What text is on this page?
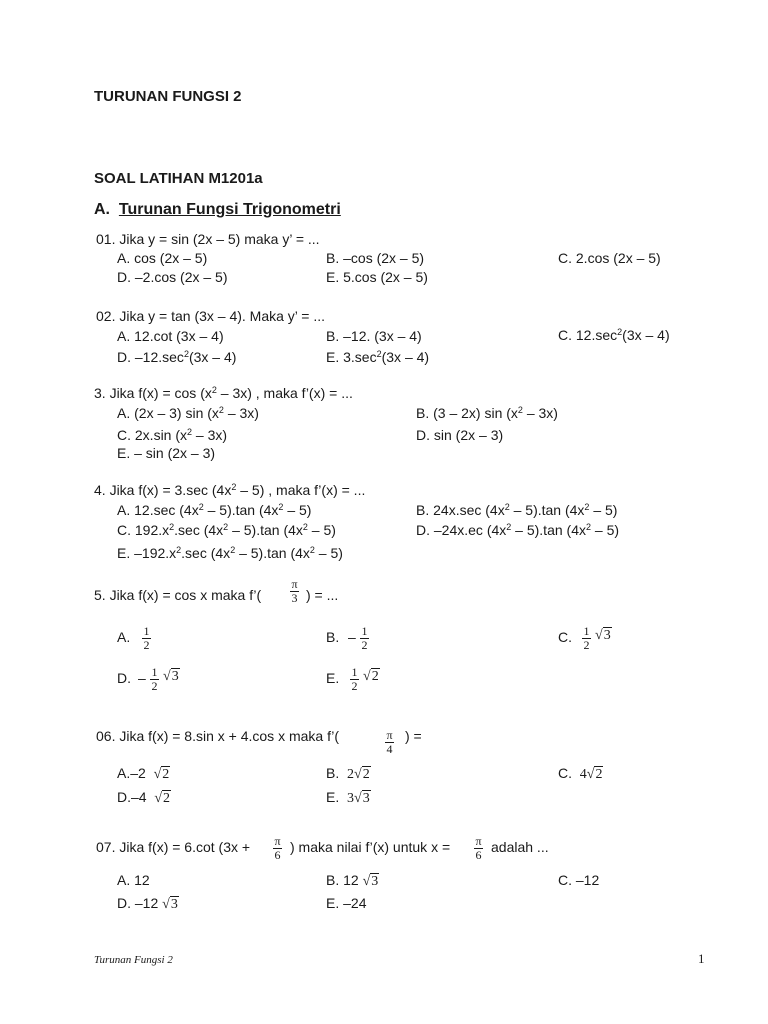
TURUNAN FUNGSI 2
SOAL LATIHAN M1201a
A. Turunan Fungsi Trigonometri
01. Jika y = sin (2x – 5) maka y’ = ...
A. cos (2x – 5)	B. –cos (2x – 5)	C. 2.cos (2x – 5)
D. –2.cos (2x – 5)	E. 5.cos (2x – 5)
02. Jika y = tan (3x – 4). Maka y’ = ...
A. 12.cot (3x – 4)	B. –12. (3x – 4)	C. $12.\sec^2(3x - 4)$
D. $-12.\sec^2(3x - 4)$	E. $3.\sec^2(3x - 4)$
3. Jika $f(x) = \cos (x^2 - 3x)$ , maka f’(x) = ...
A. (2x – 3) $\sin (x^2 - 3x)$	B. (3 – 2x) $\sin (x^2 - 3x)$
C. 2x.sin $(x^2 - 3x)$	D. sin (2x – 3)
E. – sin (2x – 3)
4. Jika f(x) = 3.sec $(4x^2 - 5)$ , maka f’(x) = ...
A. 12.sec $(4x^2 - 5).\tan$ $(4x^2 - 5)$	B. 24x.sec $(4x^2 - 5).\tan$ $(4x^2 - 5)$
C. $192.x^2.\sec$ $(4x^2 - 5).\tan$ $(4x^2 - 5)$	D. –24x.ec $(4x^2 - 5).\tan$ $(4x^2 - 5)$
E. $-192.x^2.\sec$ $(4x^2 - 5).\tan$ $(4x^2 - 5)$
5. Jika f(x) = cos x maka f’(
π
3 ) = ...
A. 1
2	B. – 1
2	C. 1
2
√3
D. – 1
2
√3	E. 1
2
√2
06. Jika f(x) = 8.sin x + 4.cos x maka f’(	π
4
) =
A.–2 √2	B. 2√2	C. 4√2
D.–4 √2	E. 3√3
07. Jika f(x) = 6.cot (3x + π
6 ) maka nilai f’(x) untuk x = π
6 adalah ...
A. 12	B. 12 √3	C. –12
D. –12 √3	E. –24
Turunan Fungsi 2	1
